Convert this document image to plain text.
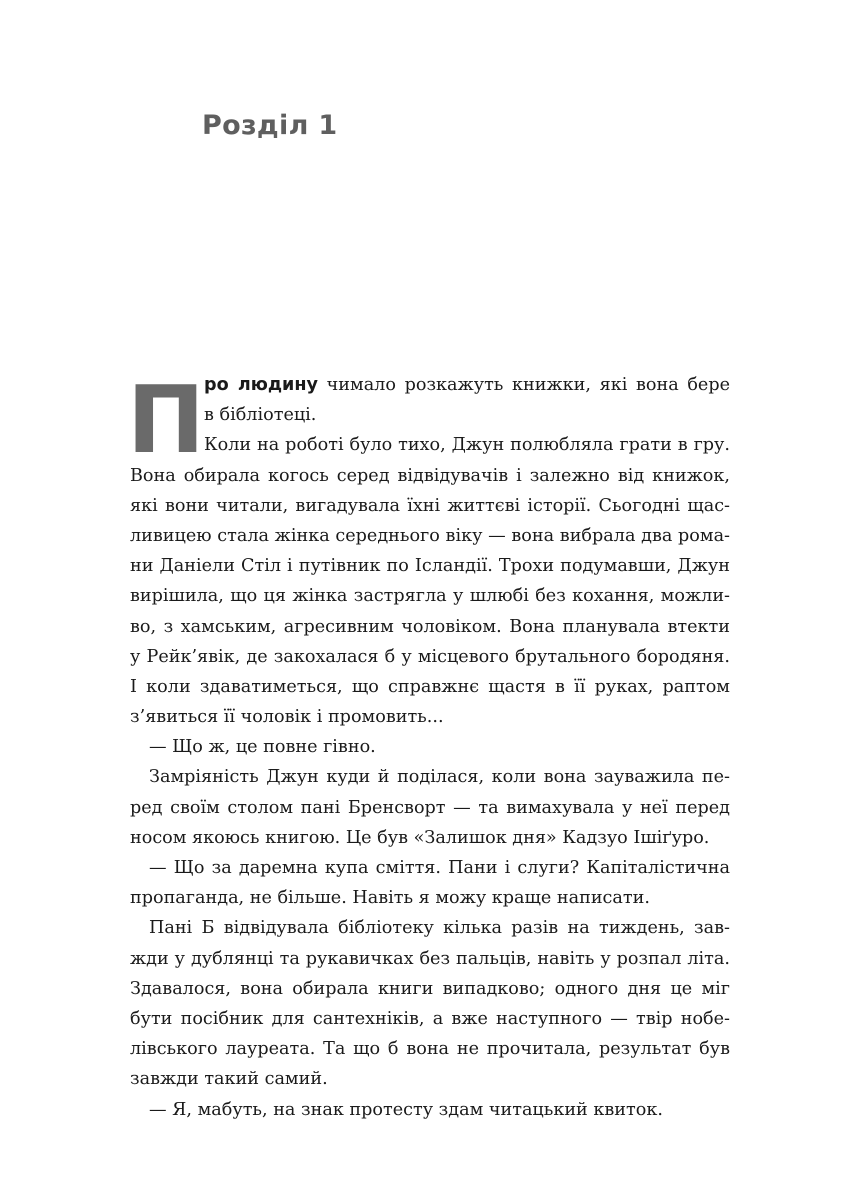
Розділ 1
П ро людину чимало розкажуть книжки, які вона бере
в бібліотеці.
Коли на роботі було тихо, Джун полюбляла грати в гру.
Вона обирала когось серед відвідувачів і залежно від книжок,
які вони читали, вигадувала їхні життєві історії. Сьогодні щас-
ливицею стала жінка середнього віку — вона вибрала два рома-
ни Даніели Стіл і путівник по Ісландії. Трохи подумавши, Джун
вирішила, що ця жінка застрягла у шлюбі без кохання, можли-
во, з хамським, агресивним чоловіком. Вона планувала втекти
у Рейк’явік, де закохалася б у місцевого брутального бородяня.
І коли здаватиметься, що справжнє щастя в її руках, раптом
з’явиться її чоловік і промовить...
— Що ж, це повне гівно.
Замріяність Джун куди й поділася, коли вона зауважила пе-
ред своїм столом пані Бренсворт — та вимахувала у неї перед
носом якоюсь книгою. Це був «Залишок дня» Кадзуо Ішіґуро.
— Що за даремна купа сміття. Пани і слуги? Капіталістична
пропаганда, не більше. Навіть я можу краще написати.
Пані Б відвідувала бібліотеку кілька разів на тиждень, зав-
жди у дублянці та рукавичках без пальців, навіть у розпал літа.
Здавалося, вона обирала книги випадково; одного дня це міг
бути посібник для сантехніків, а вже наступного — твір нобе-
лівського лауреата. Та що б вона не прочитала, результат був
завжди такий самий.
— Я, мабуть, на знак протесту здам читацький квиток.
